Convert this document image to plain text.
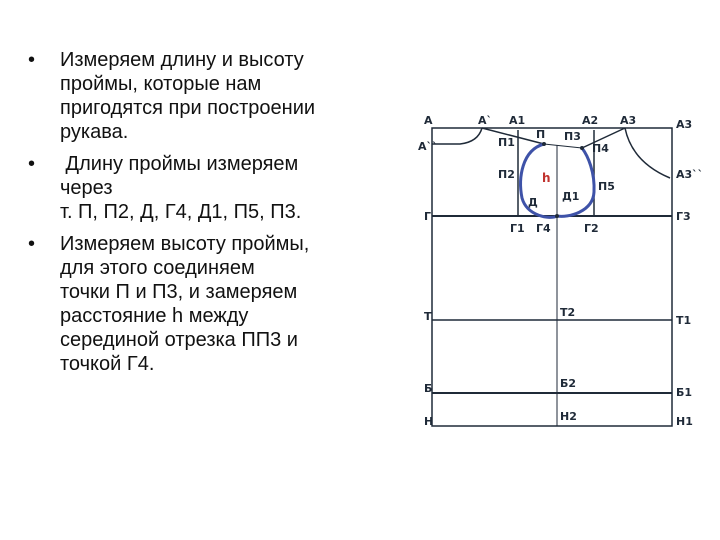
• Измеряем длину и высоту
проймы, которые нам
пригодятся при построении
рукава.
• Длину проймы измеряем
через
т. П, П2, Д, Г4, Д1, П5, П3.
• Измеряем высоту проймы,
для этого соединяем
точки П и П3, и замеряем
расстояние h между
серединой отрезка ПП3 и
точкой Г4.
А	А` А1	А2 А3	А3
А``
А3``
П П3
П1	П4
П2
П5
h
Д Д1
Г
Г1 Г4	Г2
Г3
Т	Т2
Т1
Б	Б2
Б1
Н	Н2	Н1
